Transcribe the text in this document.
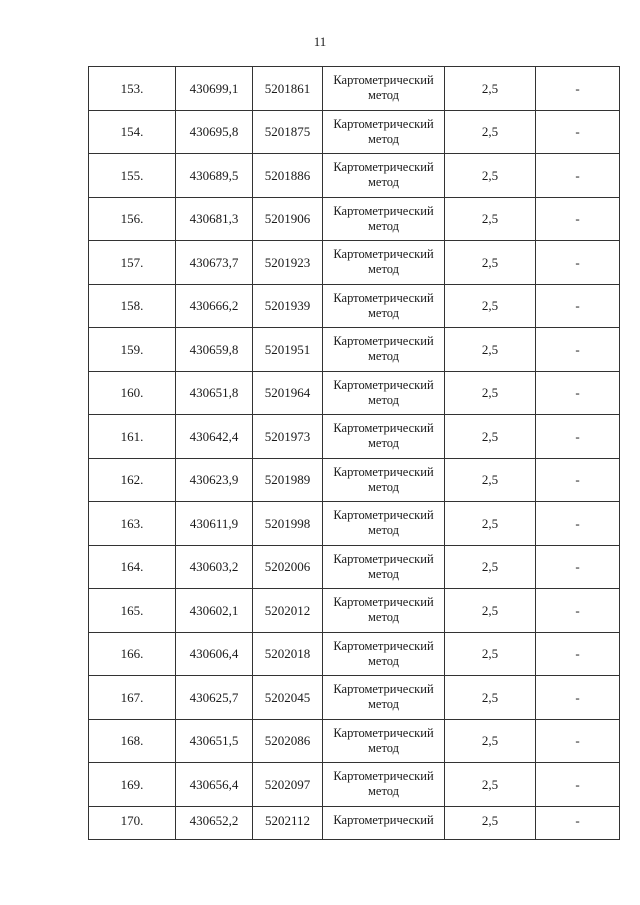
11
153.	430699,1	5201861	Картометрический метод	2,5	-
154.	430695,8	5201875	Картометрический метод	2,5	-
155.	430689,5	5201886	Картометрический метод	2,5	-
156.	430681,3	5201906	Картометрический метод	2,5	-
157.	430673,7	5201923	Картометрический метод	2,5	-
158.	430666,2	5201939	Картометрический метод	2,5	-
159.	430659,8	5201951	Картометрический метод	2,5	-
160.	430651,8	5201964	Картометрический метод	2,5	-
161.	430642,4	5201973	Картометрический метод	2,5	-
162.	430623,9	5201989	Картометрический метод	2,5	-
163.	430611,9	5201998	Картометрический метод	2,5	-
164.	430603,2	5202006	Картометрический метод	2,5	-
165.	430602,1	5202012	Картометрический метод	2,5	-
166.	430606,4	5202018	Картометрический метод	2,5	-
167.	430625,7	5202045	Картометрический метод	2,5	-
168.	430651,5	5202086	Картометрический метод	2,5	-
169.	430656,4	5202097	Картометрический метод	2,5	-
170.	430652,2	5202112	Картометрический	2,5	-
